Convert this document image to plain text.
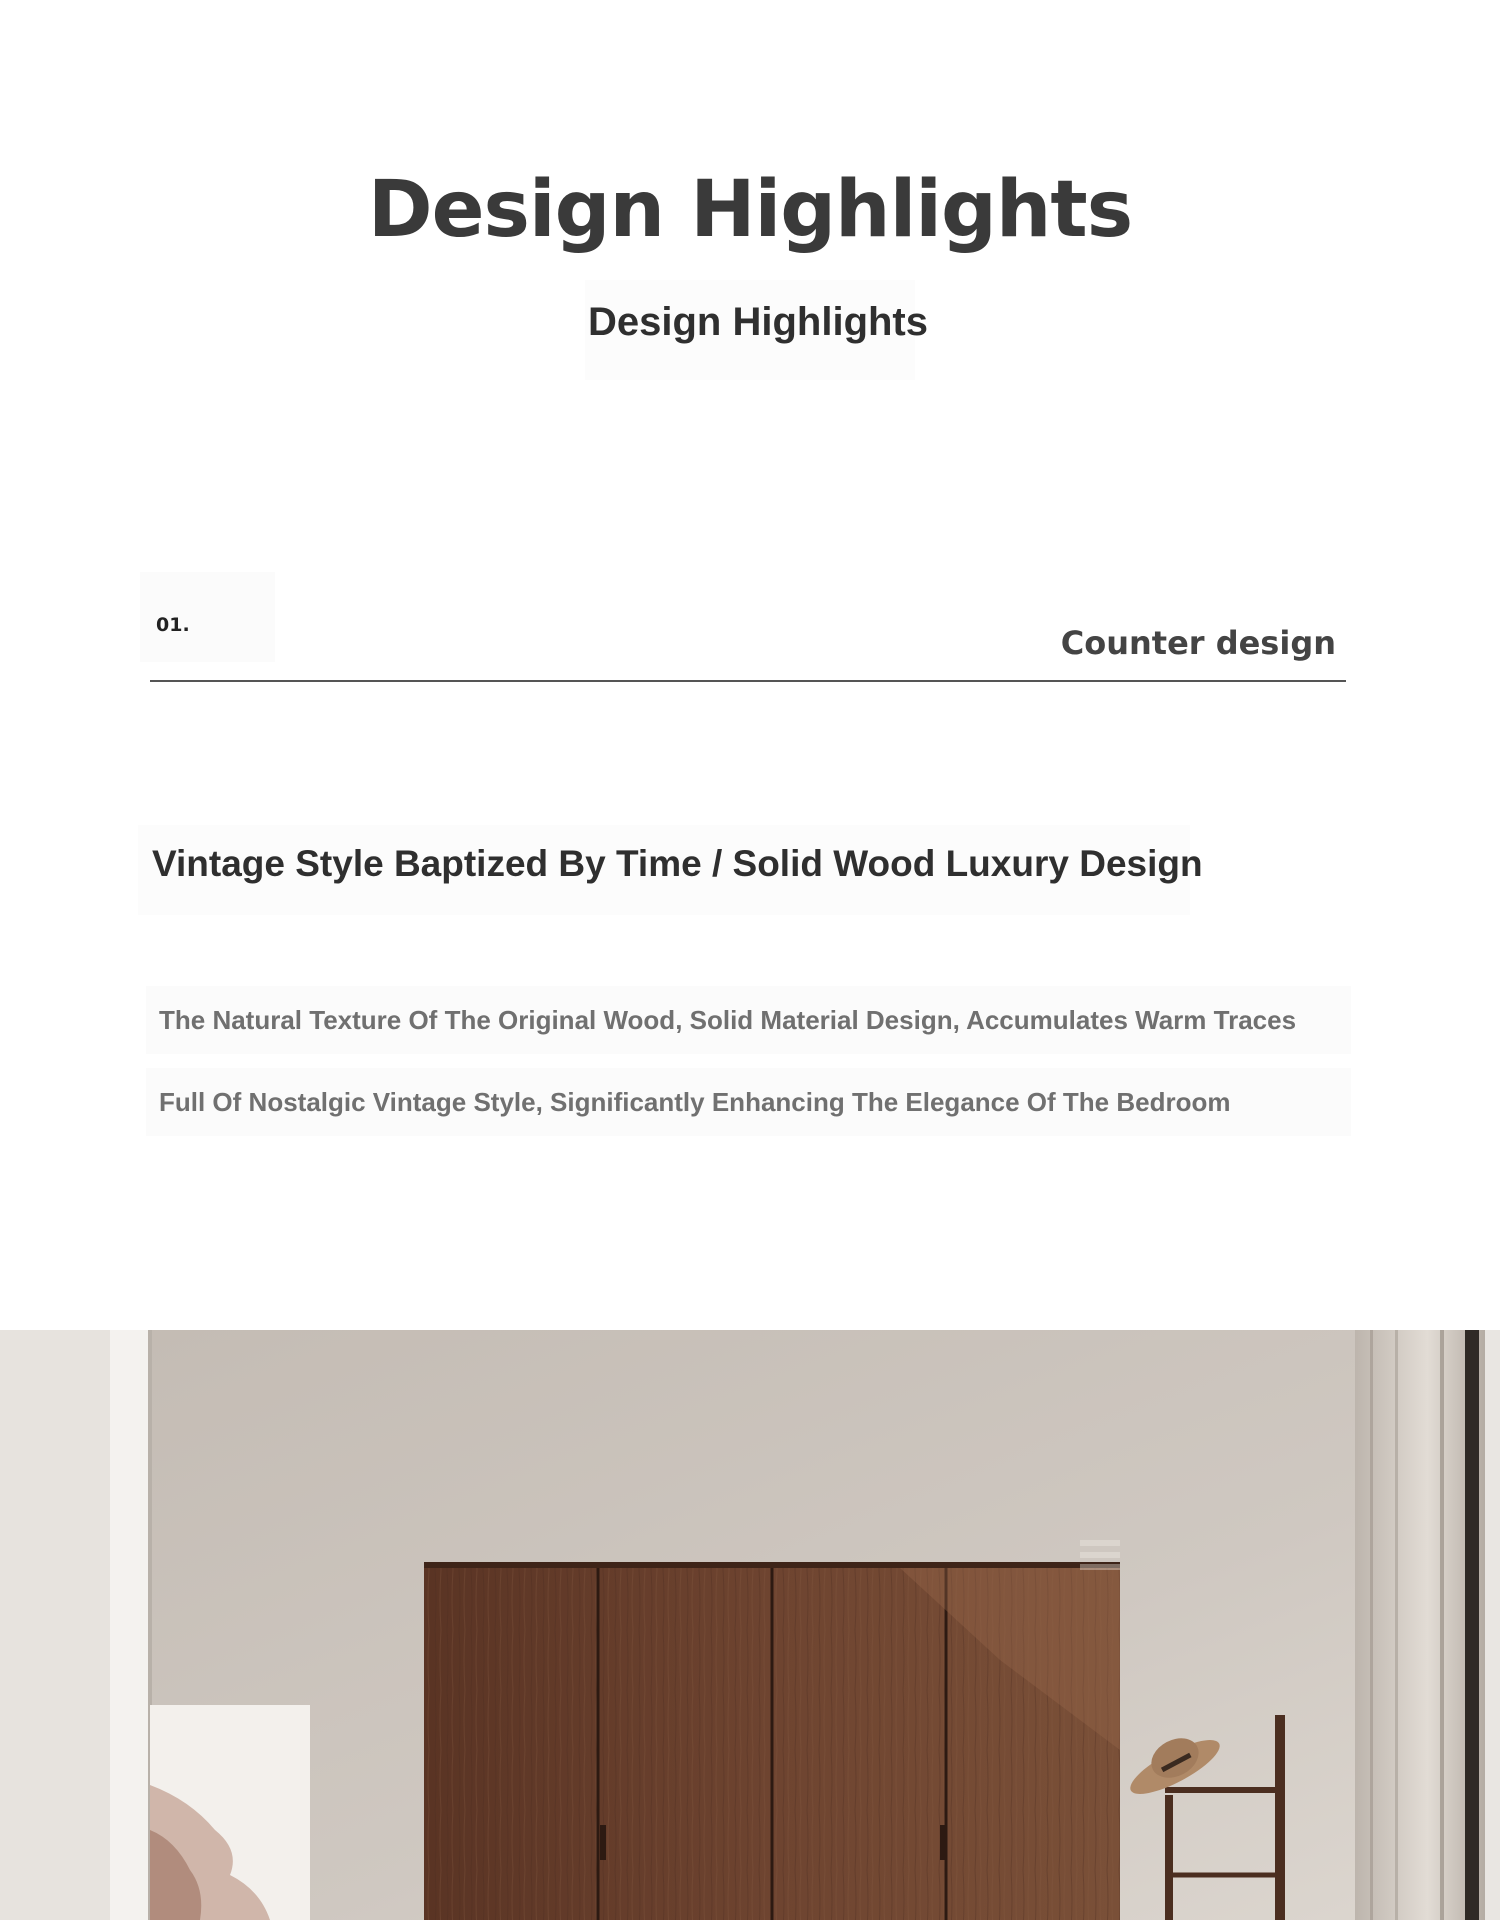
Design Highlights
Design Highlights
01.	Counter design
Vintage Style Baptized By Time / Solid Wood Luxury Design
The Natural Texture Of The Original Wood, Solid Material Design, Accumulates Warm Traces
Full Of Nostalgic Vintage Style, Significantly Enhancing The Elegance Of The Bedroom
